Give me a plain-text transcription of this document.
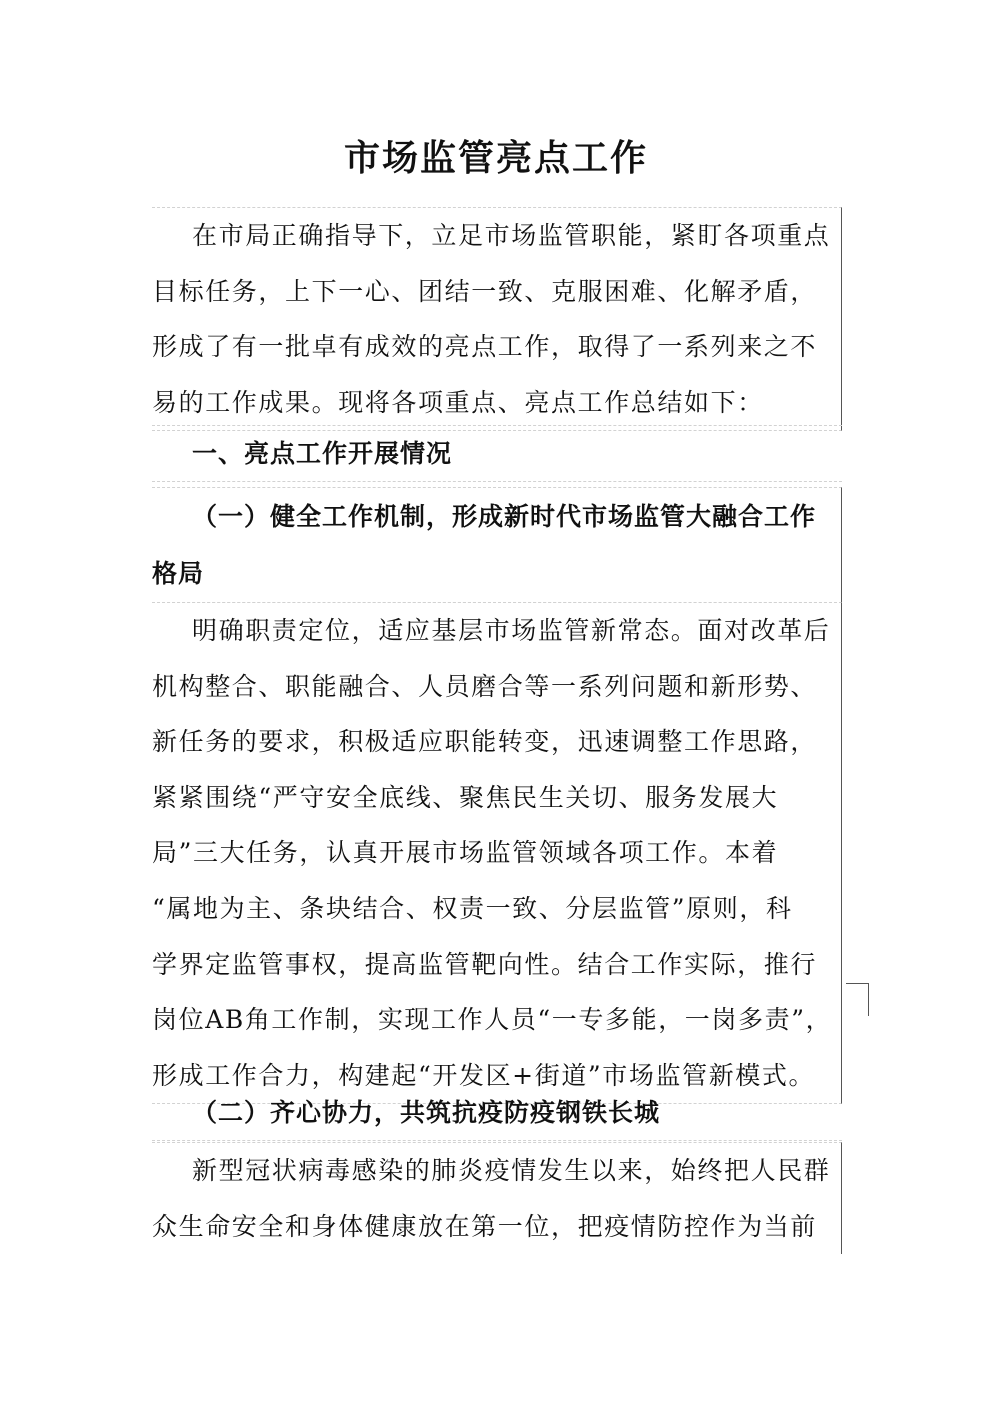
市场监管亮点工作

在市局正确指导下，立足市场监管职能，紧盯各项重点
目标任务，上下一心、团结一致、克服困难、化解矛盾，
形成了有一批卓有成效的亮点工作，取得了一系列来之不
易的工作成果。现将各项重点、亮点工作总结如下：

一、亮点工作开展情况

（一）健全工作机制，形成新时代市场监管大融合工作
格局

明确职责定位，适应基层市场监管新常态。面对改革后
机构整合、职能融合、人员磨合等一系列问题和新形势、
新任务的要求，积极适应职能转变，迅速调整工作思路，
紧紧围绕“严守安全底线、聚焦民生关切、服务发展大
局”三大任务，认真开展市场监管领域各项工作。本着
“属地为主、条块结合、权责一致、分层监管”原则，科
学界定监管事权，提高监管靶向性。结合工作实际，推行
岗位AB角工作制，实现工作人员“一专多能，一岗多责”，
形成工作合力，构建起“开发区+街道”市场监管新模式。

（二）齐心协力，共筑抗疫防疫钢铁长城

新型冠状病毒感染的肺炎疫情发生以来，始终把人民群
众生命安全和身体健康放在第一位，把疫情防控作为当前
